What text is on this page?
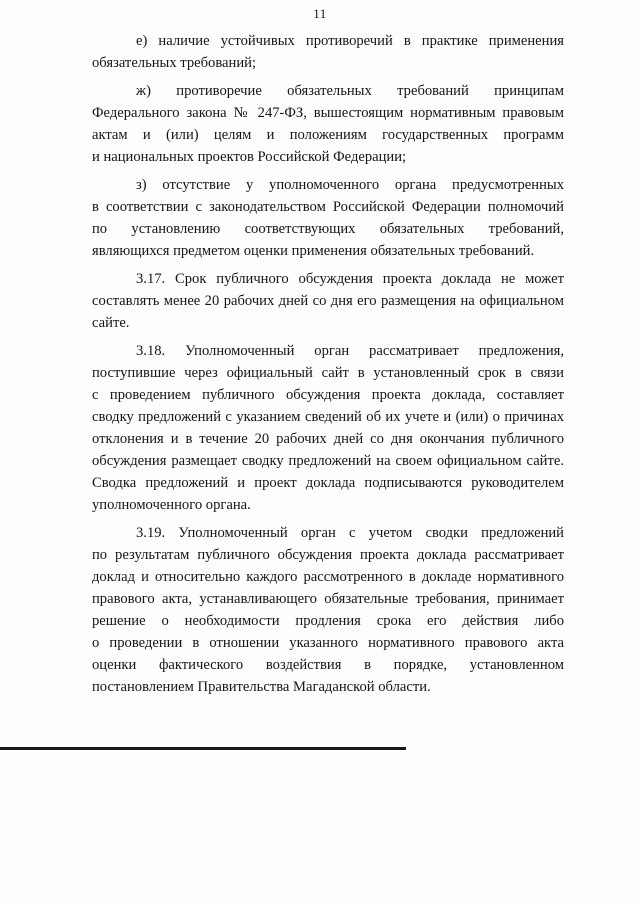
11
е) наличие устойчивых противоречий в практике применения
обязательных требований;
ж) противоречие обязательных требований принципам
Федерального закона № 247-ФЗ, вышестоящим нормативным правовым
актам и (или) целям и положениям государственных программ
и национальных проектов Российской Федерации;
з) отсутствие у уполномоченного органа предусмотренных
в соответствии с законодательством Российской Федерации полномочий
по установлению соответствующих обязательных требований,
являющихся предметом оценки применения обязательных требований.
3.17. Срок публичного обсуждения проекта доклада не может
составлять менее 20 рабочих дней со дня его размещения на официальном
сайте.
3.18. Уполномоченный орган рассматривает предложения,
поступившие через официальный сайт в установленный срок в связи
с проведением публичного обсуждения проекта доклада, составляет
сводку предложений с указанием сведений об их учете и (или) о причинах
отклонения и в течение 20 рабочих дней со дня окончания публичного
обсуждения размещает сводку предложений на своем официальном сайте.
Сводка предложений и проект доклада подписываются руководителем
уполномоченного органа.
3.19. Уполномоченный орган с учетом сводки предложений
по результатам публичного обсуждения проекта доклада рассматривает
доклад и относительно каждого рассмотренного в докладе нормативного
правового акта, устанавливающего обязательные требования, принимает
решение о необходимости продления срока его действия либо
о проведении в отношении указанного нормативного правового акта
оценки фактического воздействия в порядке, установленном
постановлением Правительства Магаданской области.
